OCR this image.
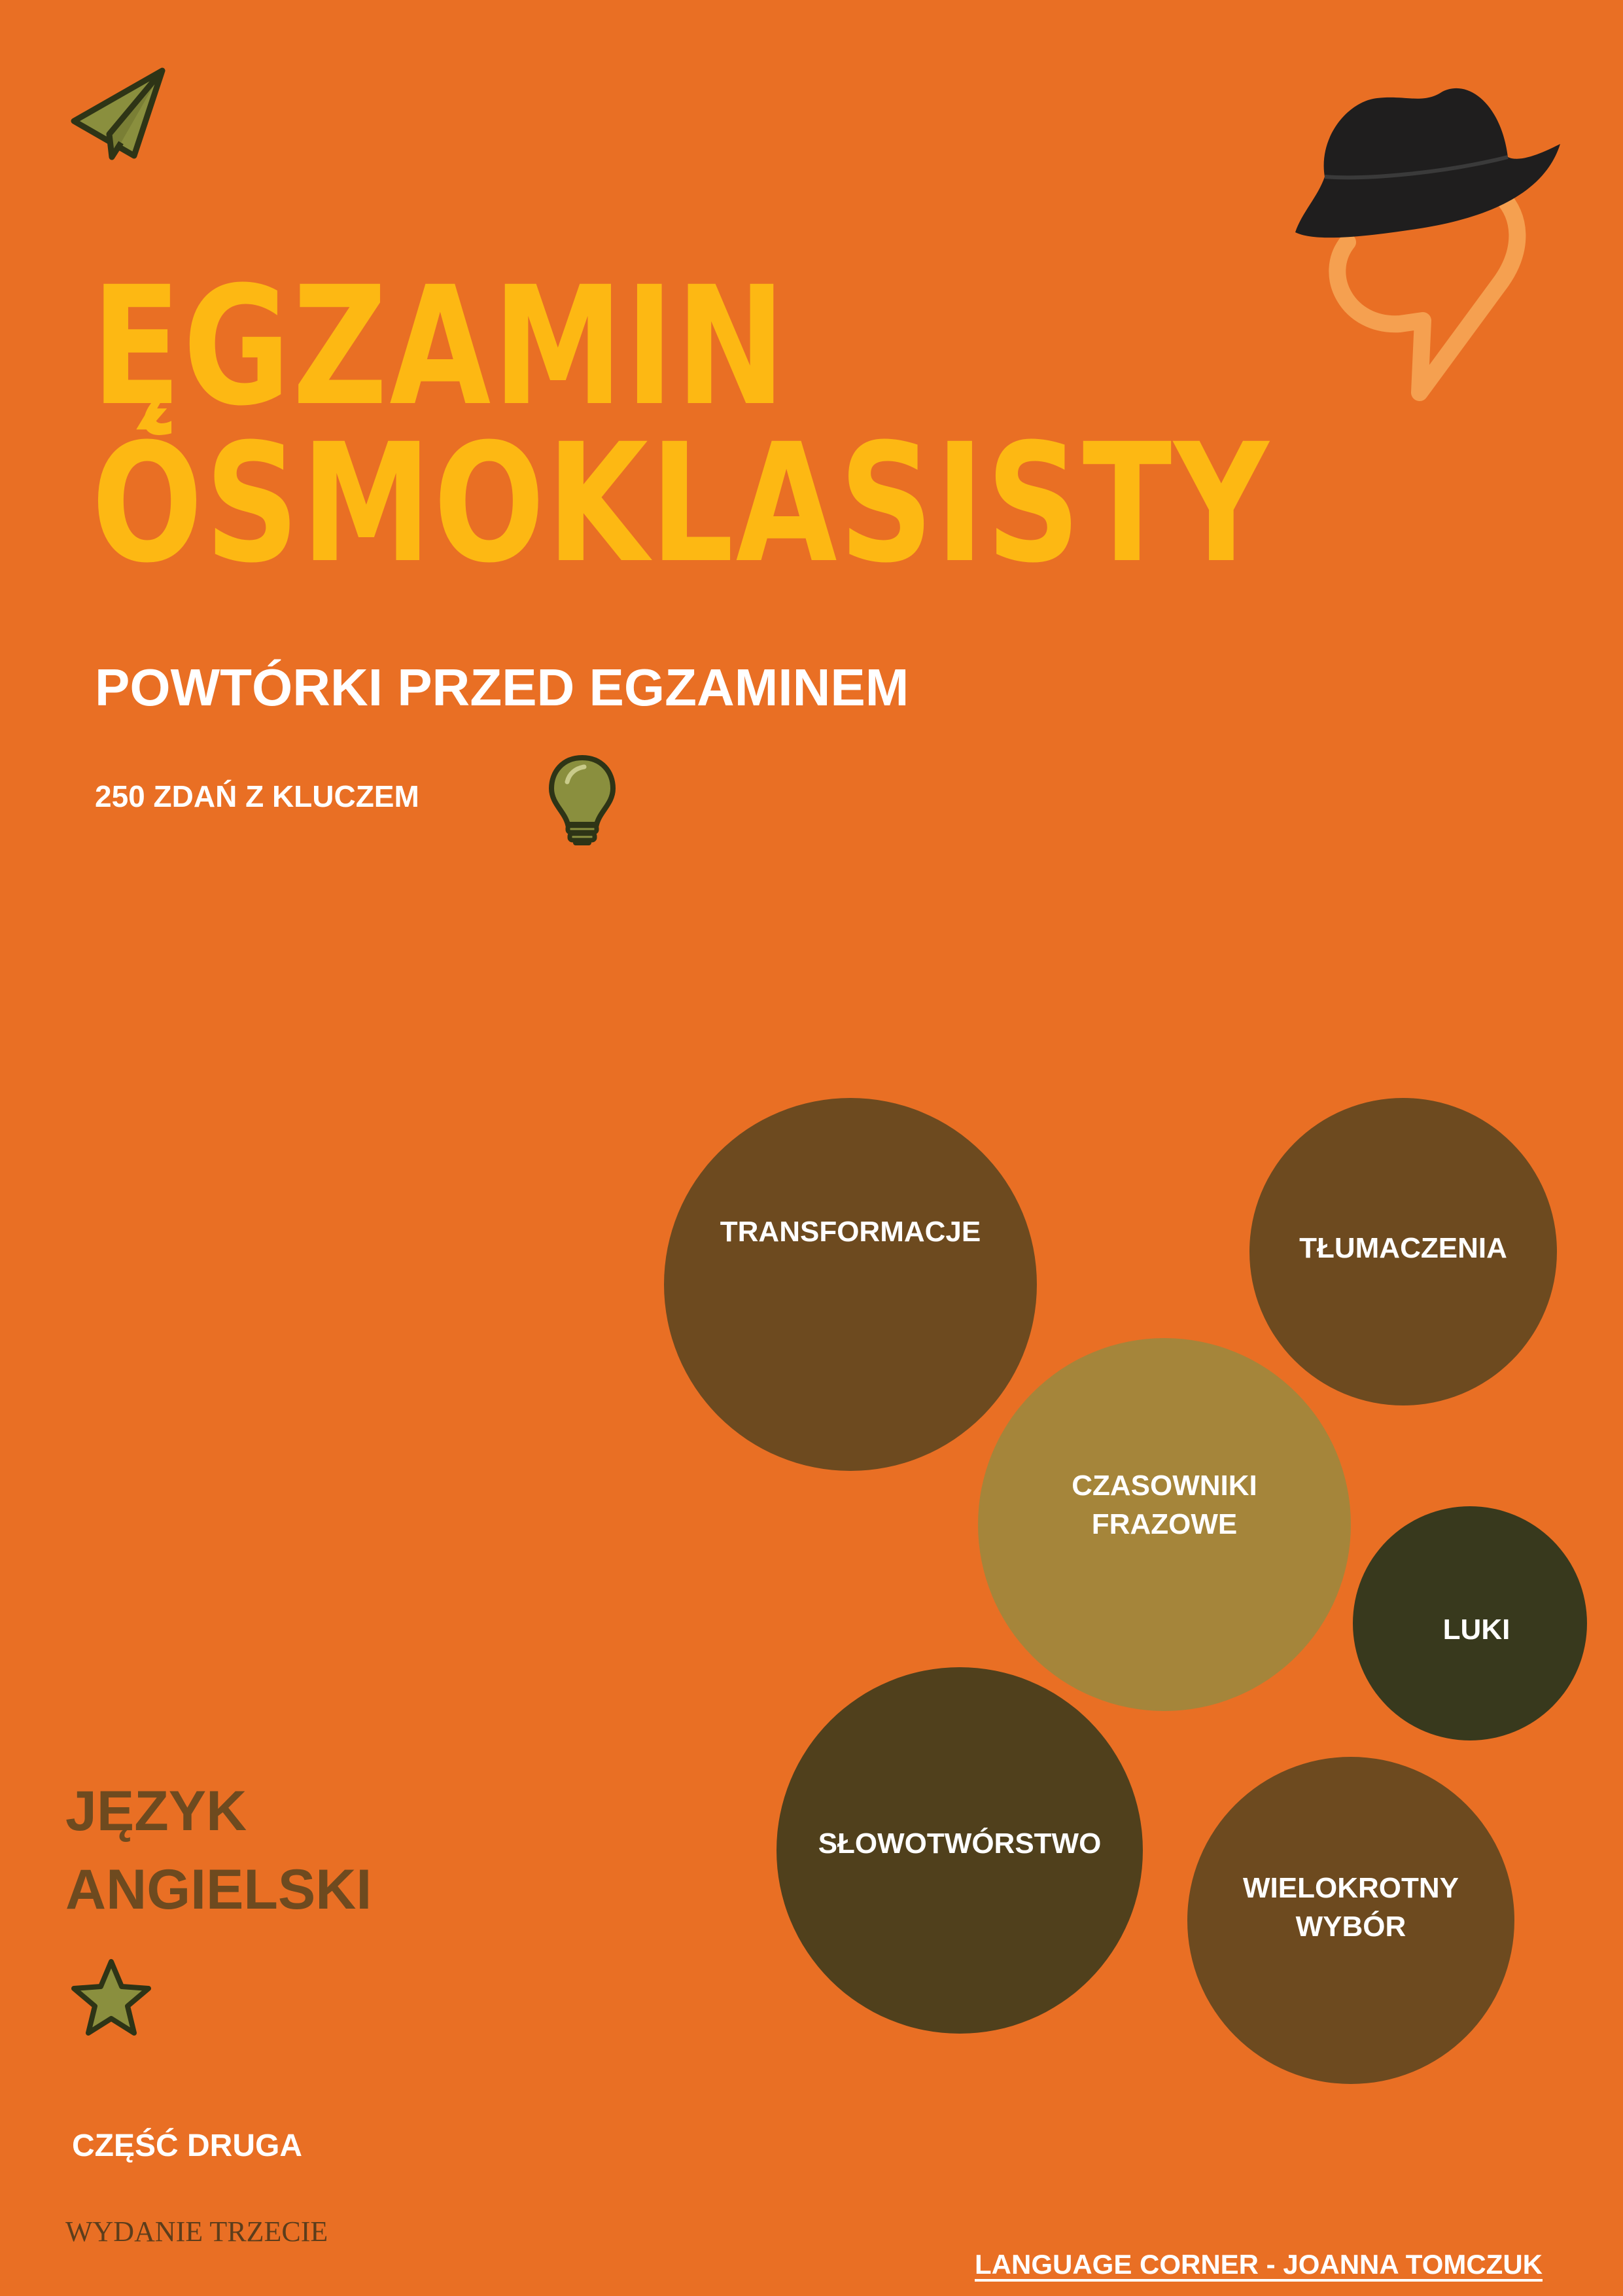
ĘGZAMIN
ÓSMOKLASISTY
POWTÓRKI PRZED EGZAMINEM
250 ZDAŃ Z KLUCZEM
TRANSFORMACJE
TŁUMACZENIA
CZASOWNIKI
FRAZOWE
LUKI
SŁOWOTWÓRSTWO
WIELOKROTNY
WYBÓR
JĘZYK
ANGIELSKI
CZĘŚĆ DRUGA
WYDANIE TRZECIE
LANGUAGE CORNER - JOANNA TOMCZUK
